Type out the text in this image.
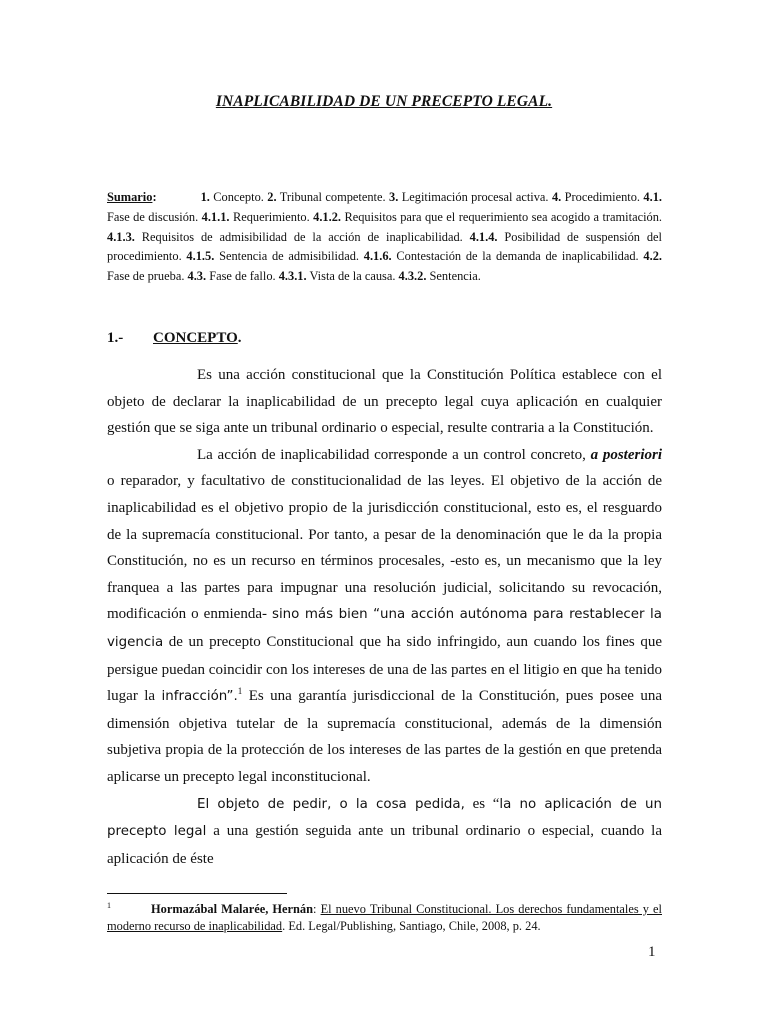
INAPLICABILIDAD DE UN PRECEPTO LEGAL.
Sumario:	1. Concepto. 2. Tribunal competente. 3. Legitimación procesal activa. 4. Procedimiento. 4.1. Fase de discusión. 4.1.1. Requerimiento. 4.1.2. Requisitos para que el requerimiento sea acogido a tramitación. 4.1.3. Requisitos de admisibilidad de la acción de inaplicabilidad. 4.1.4. Posibilidad de suspensión del procedimiento. 4.1.5. Sentencia de admisibilidad. 4.1.6. Contestación de la demanda de inaplicabilidad. 4.2. Fase de prueba. 4.3. Fase de fallo. 4.3.1. Vista de la causa. 4.3.2. Sentencia.
1.- CONCEPTO.

Es una acción constitucional que la Constitución Política establece con el objeto de declarar la inaplicabilidad de un precepto legal cuya aplicación en cualquier gestión que se siga ante un tribunal ordinario o especial, resulte contraria a la Constitución.

La acción de inaplicabilidad corresponde a un control concreto, a posteriori o reparador, y facultativo de constitucionalidad de las leyes. El objetivo de la acción de inaplicabilidad es el objetivo propio de la jurisdicción constitucional, esto es, el resguardo de la supremacía constitucional. Por tanto, a pesar de la denominación que le da la propia Constitución, no es un recurso en términos procesales, -esto es, un mecanismo que la ley franquea a las partes para impugnar una resolución judicial, solicitando su revocación, modificación o enmienda- sino más bien “una acción autónoma para restablecer la vigencia de un precepto Constitucional que ha sido infringido, aun cuando los fines que persigue puedan coincidir con los intereses de una de las partes en el litigio en que ha tenido lugar la infracción”.$^1$ Es una garantía jurisdiccional de la Constitución, pues posee una dimensión objetiva tutelar de la supremacía constitucional, además de la dimensión subjetiva propia de la protección de los intereses de las partes de la gestión en que pretenda aplicarse un precepto legal inconstitucional.

El objeto de pedir, o la cosa pedida, es “la no aplicación de un precepto legal a una gestión seguida ante un tribunal ordinario o especial, cuando la aplicación de éste

1	Hormazábal Malarée, Hernán: El nuevo Tribunal Constitucional. Los derechos fundamentales y el moderno recurso de inaplicabilidad. Ed. Legal/Publishing, Santiago, Chile, 2008, p. 24.
1
